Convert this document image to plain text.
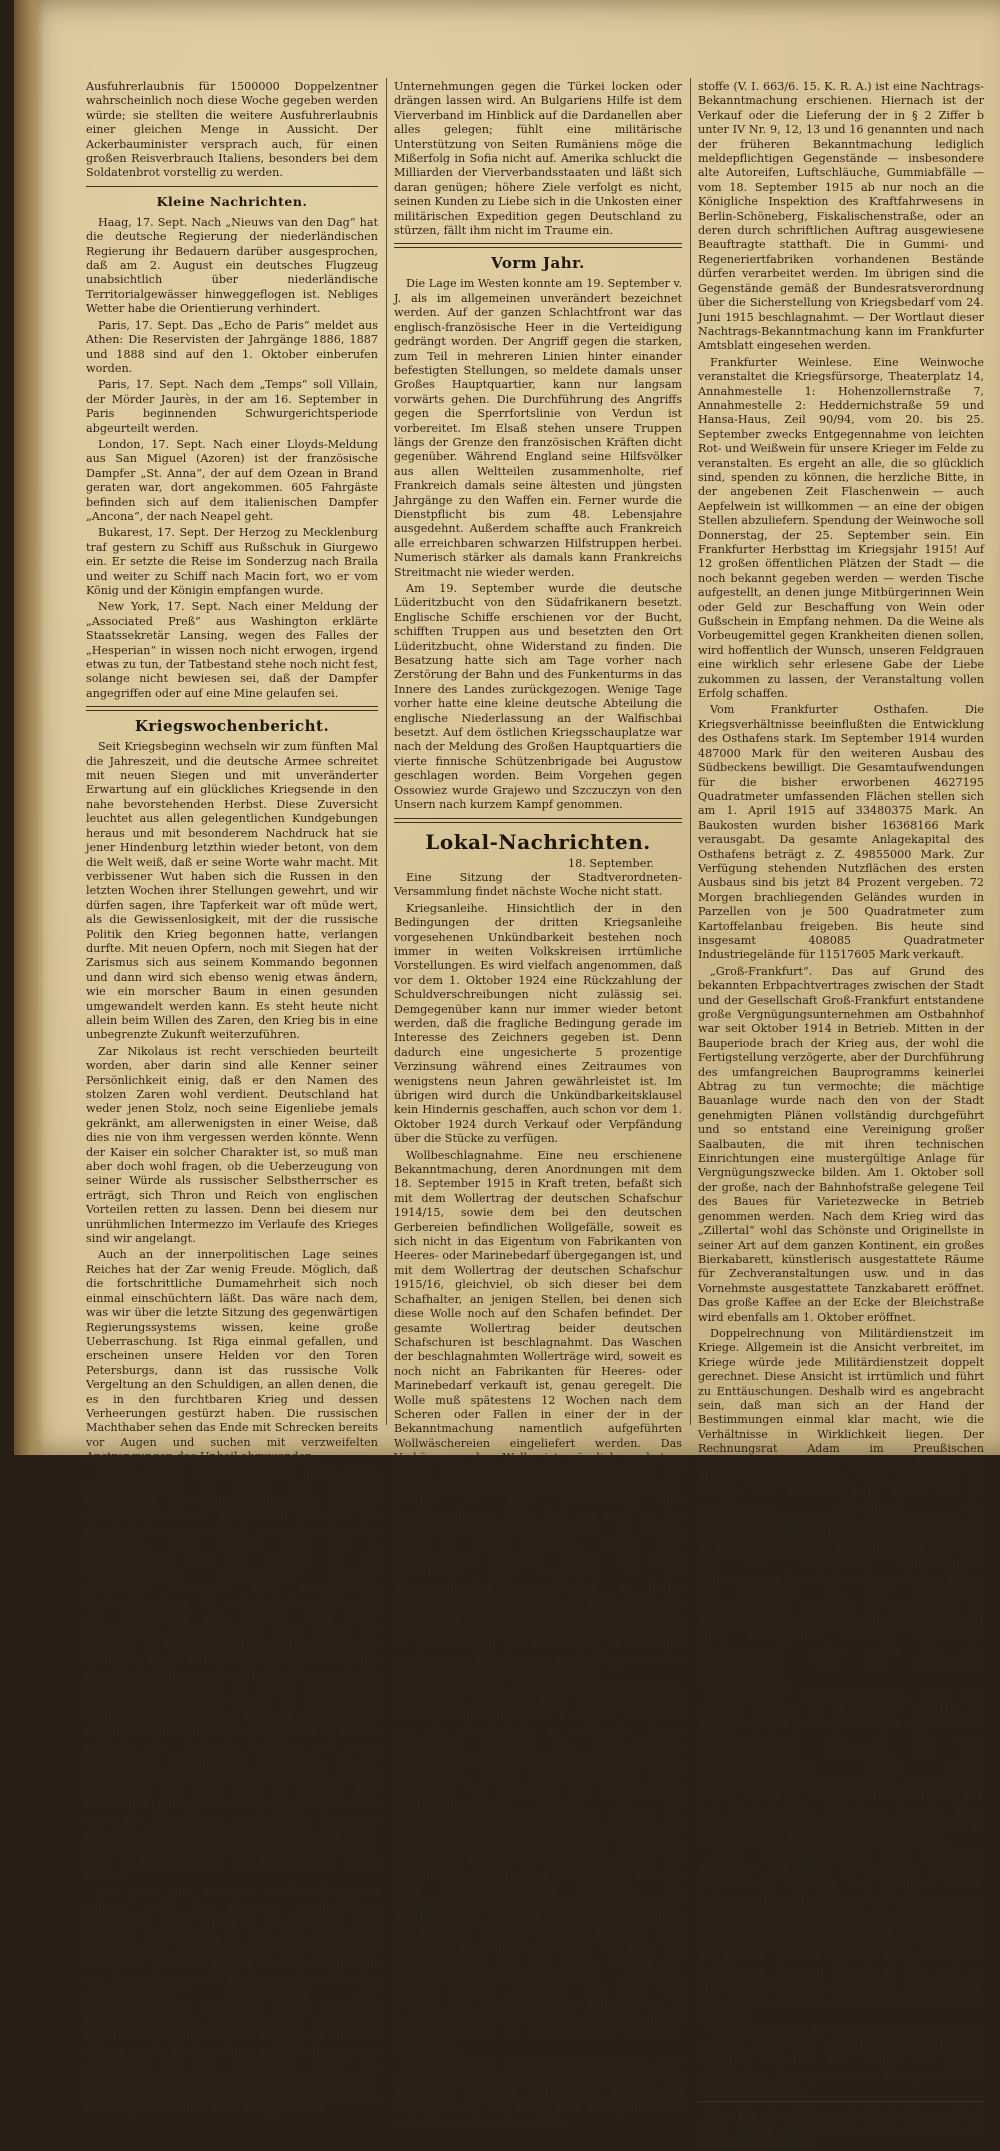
Ausfuhrerlaubnis für 1500000 Doppelzentner wahrscheinlich noch diese Woche gegeben werden würde; sie stellten die weitere Ausfuhrerlaubnis einer gleichen Menge in Aussicht. Der Ackerbauminister versprach auch, für einen großen Reisverbrauch Italiens, besonders bei dem Soldatenbrot vorstellig zu werden.

Kleine Nachrichten.

Haag, 17. Sept. Nach „Nieuws van den Dag“ hat die deutsche Regierung der niederländischen Regierung ihr Bedauern darüber ausgesprochen, daß am 2. August ein deutsches Flugzeug unabsichtlich über niederländische Territorialgewässer hinweggeflogen ist. Nebliges Wetter habe die Orientierung verhindert.

Paris, 17. Sept. Das „Echo de Paris“ meldet aus Athen: Die Reservisten der Jahrgänge 1886, 1887 und 1888 sind auf den 1. Oktober einberufen worden.

Paris, 17. Sept. Nach dem „Temps“ soll Villain, der Mörder Jaurès, in der am 16. September in Paris beginnenden Schwurgerichtsperiode abgeurteilt werden.

London, 17. Sept. Nach einer Lloyds-Meldung aus San Miguel (Azoren) ist der französische Dampfer „St. Anna“, der auf dem Ozean in Brand geraten war, dort angekommen. 605 Fahrgäste befinden sich auf dem italienischen Dampfer „Ancona“, der nach Neapel geht.

Bukarest, 17. Sept. Der Herzog zu Mecklenburg traf gestern zu Schiff aus Rußschuk in Giurgewo ein. Er setzte die Reise im Sonderzug nach Braila und weiter zu Schiff nach Macin fort, wo er vom König und der Königin empfangen wurde.

New York, 17. Sept. Nach einer Meldung der „Associated Preß“ aus Washington erklärte Staatssekretär Lansing, wegen des Falles der „Hesperian“ in wissen noch nicht erwogen, irgend etwas zu tun, der Tatbestand stehe noch nicht fest, solange nicht bewiesen sei, daß der Dampfer angegriffen oder auf eine Mine gelaufen sei.

Kriegswochenbericht.

Seit Kriegsbeginn wechseln wir zum fünften Mal die Jahreszeit, und die deutsche Armee schreitet mit neuen Siegen und mit unveränderter Erwartung auf ein glückliches Kriegsende in den nahe bevorstehenden Herbst. Diese Zuversicht leuchtet aus allen gelegentlichen Kundgebungen heraus und mit besonderem Nachdruck hat sie jener Hindenburg letzthin wieder betont, von dem die Welt weiß, daß er seine Worte wahr macht. Mit verbissener Wut haben sich die Russen in den letzten Wochen ihrer Stellungen gewehrt, und wir dürfen sagen, ihre Tapferkeit war oft müde wert, als die Gewissenlosigkeit, mit der die russische Politik den Krieg begonnen hatte, verlangen durfte. Mit neuen Opfern, noch mit Siegen hat der Zarismus sich aus seinem Kommando begonnen und dann wird sich ebenso wenig etwas ändern, wie ein morscher Baum in einen gesunden umgewandelt werden kann. Es steht heute nicht allein beim Willen des Zaren, den Krieg bis in eine unbegrenzte Zukunft weiterzuführen.

Zar Nikolaus ist recht verschieden beurteilt worden, aber darin sind alle Kenner seiner Persönlichkeit einig, daß er den Namen des stolzen Zaren wohl verdient. Deutschland hat weder jenen Stolz, noch seine Eigenliebe jemals gekränkt, am allerwenigsten in einer Weise, daß dies nie von ihm vergessen werden könnte. Wenn der Kaiser ein solcher Charakter ist, so muß man aber doch wohl fragen, ob die Ueberzeugung von seiner Würde als russischer Selbstherrscher es erträgt, sich Thron und Reich von englischen Vorteilen retten zu lassen. Denn bei diesem nur unrühmlichen Intermezzo im Verlaufe des Krieges sind wir angelangt.

Auch an der innerpolitischen Lage seines Reiches hat der Zar wenig Freude. Möglich, daß die fortschrittliche Dumamehrheit sich noch einmal einschüchtern läßt. Das wäre nach dem, was wir über die letzte Sitzung des gegenwärtigen Regierungssystems wissen, keine große Ueberraschung. Ist Riga einmal gefallen, und erscheinen unsere Helden vor den Toren Petersburgs, dann ist das russische Volk Vergeltung an den Schuldigen, an allen denen, die es in den furchtbaren Krieg und dessen Verheerungen gestürzt haben. Die russischen Machthaber sehen das Ende mit Schrecken bereits vor Augen und suchen mit verzweifelten Anstrengungen das Unheil abzuwenden.

Unsere Feinde im Westen leiden gleich ihrem Bundesgenossen im Osten an heftigem Geldmangel. Die englische Regierung forderte soeben einen neuen Kriegskredit von fünf, die französische einen solchen von mehr als sechs Milliarden. Beide Staaten aber, die in Friedenszeiten sich mit Vorliebe als die unerschöpflichen Geldkammern Europas aufspielten, vermögen trotz drückendster Steuereintreibung die erforderlichen Geldmittel zur Fortsetzung des Krieges nicht mehr aufzubringen und vollführen einen Kotau vor Amerika, um dessen Nabobs zur Hergabe einiger Milliarden gegen hohen Zins zu gewinnen. Infolge der Niederlage an den Dardanellen und des mißglückten Vorgehens im Westen hat England täglich Kriegsausgaben von 60 auf mehr als 80 Millionen Mark erhöht, so daß der Schatzkanzler durchaus recht hatte, wenn er vor dem Parlament erklärte, das Englands Schulden mit einer Schnelligkeit ohnegleichen anwüchsen. In der Geldsorge gesellen sich noch viele andere, die den Engländern die Hölle heiß zu machen. Der nationale Lohnkampf der Bergarbeiter, denen sich sogar die Eisenbahner anzuschließen beginnen, das flaue Werben freiwilliger Soldaten, der Streit um die Einführung der allgemeinen Dienstpflicht usw. In Frankreich ist die innere Lage wenig besser.

Der „alte gute Cadorna“ ist kränklich und scheint nach der jüngsten empfindlichen Niederlage seiner Truppen im südlichen Tirol ernstlich entschlossen zu sein, den Oberbefehl niederzulegen, nachdem dieser Tage erst wieder 25 seiner Generäle wegen Dienstuntauglichkeit zur Disposition gestellt werden mußten. Von der angekündigten Unterstützung der Dardanellenaktion Italiens ist bisher nichts zu bemerken gewesen, auf Frankreichs Boden sind erst recht keine italienischen Truppen erschienen. Italien ist die Enttäuschung in Reinkultur, es ist enttäuscht und hat enttäuscht. Ueber die endgültige Stellungnahme der Balkanstaaten tappt man noch immer im Dunkeln; nur so viel ist gewiß, daß Bulgarien sich in keine kriegerischen

Unternehmungen gegen die Türkei locken oder drängen lassen wird. An Bulgariens Hilfe ist dem Vierverband im Hinblick auf die Dardanellen aber alles gelegen; fühlt eine militärische Unterstützung von Seiten Rumäniens möge die Mißerfolg in Sofia nicht auf. Amerika schluckt die Milliarden der Vierverbandsstaaten und läßt sich daran genügen; höhere Ziele verfolgt es nicht, seinen Kunden zu Liebe sich in die Unkosten einer militärischen Expedition gegen Deutschland zu stürzen, fällt ihm nicht im Traume ein.

Vorm Jahr.

Die Lage im Westen konnte am 19. September v. J. als im allgemeinen unverändert bezeichnet werden. Auf der ganzen Schlachtfront war das englisch-französische Heer in die Verteidigung gedrängt worden. Der Angriff gegen die starken, zum Teil in mehreren Linien hinter einander befestigten Stellungen, so meldete damals unser Großes Hauptquartier, kann nur langsam vorwärts gehen. Die Durchführung des Angriffs gegen die Sperrfortslinie von Verdun ist vorbereitet. Im Elsaß stehen unsere Truppen längs der Grenze den französischen Kräften dicht gegenüber. Während England seine Hilfsvölker aus allen Weltteilen zusammenholte, rief Frankreich damals seine ältesten und jüngsten Jahrgänge zu den Waffen ein. Ferner wurde die Dienstpflicht bis zum 48. Lebensjahre ausgedehnt. Außerdem schaffte auch Frankreich alle erreichbaren schwarzen Hilfstruppen herbei. Numerisch stärker als damals kann Frankreichs Streitmacht nie wieder werden.

Am 19. September wurde die deutsche Lüderitzbucht von den Südafrikanern besetzt. Englische Schiffe erschienen vor der Bucht, schifften Truppen aus und besetzten den Ort Lüderitzbucht, ohne Widerstand zu finden. Die Besatzung hatte sich am Tage vorher nach Zerstörung der Bahn und des Funkenturms in das Innere des Landes zurückgezogen. Wenige Tage vorher hatte eine kleine deutsche Abteilung die englische Niederlassung an der Walfischbai besetzt. Auf dem östlichen Kriegsschauplatze war nach der Meldung des Großen Hauptquartiers die vierte finnische Schützenbrigade bei Augustow geschlagen worden. Beim Vorgehen gegen Ossowiez wurde Grajewo und Szczuczyn von den Unsern nach kurzem Kampf genommen.

Lokal-Nachrichten.
18. September.

Eine Sitzung der Stadtverordneten-Versammlung findet nächste Woche nicht statt.

Kriegsanleihe. Hinsichtlich der in den Bedingungen der dritten Kriegsanleihe vorgesehenen Unkündbarkeit bestehen noch immer in weiten Volkskreisen irrtümliche Vorstellungen. Es wird vielfach angenommen, daß vor dem 1. Oktober 1924 eine Rückzahlung der Schuldverschreibungen nicht zulässig sei. Demgegenüber kann nur immer wieder betont werden, daß die fragliche Bedingung gerade im Interesse des Zeichners gegeben ist. Denn dadurch eine ungesicherte 5 prozentige Verzinsung während eines Zeitraumes von wenigstens neun Jahren gewährleistet ist. Im übrigen wird durch die Unkündbarkeitsklausel kein Hindernis geschaffen, auch schon vor dem 1. Oktober 1924 durch Verkauf oder Verpfändung über die Stücke zu verfügen.

Wollbeschlagnahme. Eine neu erschienene Bekanntmachung, deren Anordnungen mit dem 18. September 1915 in Kraft treten, befaßt sich mit dem Wollertrag der deutschen Schafschur 1914/15, sowie dem bei den deutschen Gerbereien befindlichen Wollgefälle, soweit es sich nicht in das Eigentum von Fabrikanten von Heeres- oder Marinebedarf übergegangen ist, und mit dem Wollertrag der deutschen Schafschur 1915/16, gleichviel, ob sich dieser bei dem Schafhalter, an jenigen Stellen, bei denen sich diese Wolle noch auf den Schafen befindet. Der gesamte Wollertrag beider deutschen Schafschuren ist beschlagnahmt. Das Waschen der beschlagnahmten Wollerträge wird, soweit es noch nicht an Fabrikanten für Heeres- oder Marinebedarf verkauft ist, genau geregelt. Die Wolle muß spätestens 12 Wochen nach dem Scheren oder Fallen in einer der in der Bekanntmachung namentlich aufgeführten Wollwäschereien eingeliefert werden. Das Verkämmen der Wolle ist gänzlich verboten, soweit nicht eine ausdrückliche Verfügung der Kriegs-Rohstoff-Abteilung hierzu Erlaubnis erteilt worden ist. Eine Veräußerung der beschlagnahmten Wolle darf nur noch an die Kriegswollbedarf-Aktiengesellschaft in Berlin, sowie an solche Personen, Firmen oder Gesellschaften erfolgen, welche die Wolle unmittelbar oder mittelbar an die Kriegswollbedarf-Aktiengesellschaft in Berlin verkaufen. Für die Lieferung der Wolle durch den Schafhalter sind ebenfalls bestimmte Vorschriften gegeben. In jedem Falle muß die Wolle spätestens 10 Wochen nach der Einlieferung in einer der zugelassenen Wäschereien in das Eigentum der Kriegswollbedarf-Aktiengesellschaft übergegangen sein; der Wollertrag 1914/15 muß bis zum 31. Dezember 1915 in dem Eigentum dieser Gesellschaft stehen. Ueber die Preise die von der Gesellschaft zu zahlenden Preise entscheidet endgültig die Kriegs-Rohstoff-Abteilung nach Anhörung einer Sachverständigen-Kommission, deren Zusammensetzung unter Zuziehung von Vertretern der verschiedenen Interessentenkreise geregelt ist. Die Kriegswollbedarf-Aktiengesellschaft verteilt die von ihr erworbene Wolle unter Genehmigung der Kriegs-Rohstoff-Abteilung an solche inländische Verarbeiter, welche die Wolle nachweislich zur Ausführung von Aufträgen der deutschen Heeres- oder Marine-Verwaltung brauchen. Die Bekanntmachung enthält noch eine Reihe anderer Bestimmungen, so über Anträge von Schafhaltern auf Freigabe geringer Mengen Rohwolle zum Verbrauch im eigenen Haushalt und über die Mindestmengen, die bei einem Verkauf der Kriegswollbedarf-Aktiengesellschaft angeboten werden müssen. Außerdem wird auch das Scheren der Schafe zu einer früheren als in anderen üblichen Zeit verboten. Der Wortlaut der Bekanntmachung ist im Frankfurter Amtsblatt einzusehen.

Kautschuk usw. Zu der Bekanntmachung über die Bestandserhebung und Beschlagnahme von Kautschuk (Gummi), Guttapercha, Balata und Asbest, sowie von Halb- und Fertigfabrikaten unter Verwendung dieser Roh-

stoffe (V. I. 663/6. 15. K. R. A.) ist eine Nachtrags-Bekanntmachung erschienen. Hiernach ist der Verkauf oder die Lieferung der in § 2 Ziffer b unter IV Nr. 9, 12, 13 und 16 genannten und nach der früheren Bekanntmachung lediglich meldepflichtigen Gegenstände — insbesondere alte Autoreifen, Luftschläuche, Gummiabfälle — vom 18. September 1915 ab nur noch an die Königliche Inspektion des Kraftfahrwesens in Berlin-Schöneberg, Fiskalischenstraße, oder an deren durch schriftlichen Auftrag ausgewiesene Beauftragte statthaft. Die in Gummi- und Regeneriertfabriken vorhandenen Bestände dürfen verarbeitet werden. Im übrigen sind die Gegenstände gemäß der Bundesratsverordnung über die Sicherstellung von Kriegsbedarf vom 24. Juni 1915 beschlagnahmt. — Der Wortlaut dieser Nachtrags-Bekanntmachung kann im Frankfurter Amtsblatt eingesehen werden.

Frankfurter Weinlese. Eine Weinwoche veranstaltet die Kriegsfürsorge, Theaterplatz 14, Annahmestelle 1: Hohenzollernstraße 7, Annahmestelle 2: Heddernichstraße 59 und Hansa-Haus, Zeil 90/94, vom 20. bis 25. September zwecks Entgegennahme von leichten Rot- und Weißwein für unsere Krieger im Felde zu veranstalten. Es ergeht an alle, die so glücklich sind, spenden zu können, die herzliche Bitte, in der angebenen Zeit Flaschenwein — auch Aepfelwein ist willkommen — an eine der obigen Stellen abzuliefern. Spendung der Weinwoche soll Donnerstag, der 25. September sein. Ein Frankfurter Herbsttag im Kriegsjahr 1915! Auf 12 großen öffentlichen Plätzen der Stadt — die noch bekannt gegeben werden — werden Tische aufgestellt, an denen junge Mitbürgerinnen Wein oder Geld zur Beschaffung von Wein oder Gußschein in Empfang nehmen. Da die Weine als Vorbeugemittel gegen Krankheiten dienen sollen, wird hoffentlich der Wunsch, unseren Feldgrauen eine wirklich sehr erlesene Gabe der Liebe zukommen zu lassen, der Veranstaltung vollen Erfolg schaffen.

Vom Frankfurter Osthafen. Die Kriegsverhältnisse beeinflußten die Entwicklung des Osthafens stark. Im September 1914 wurden 487000 Mark für den weiteren Ausbau des Südbeckens bewilligt. Die Gesamtaufwendungen für die bisher erworbenen 4627195 Quadratmeter umfassenden Flächen stellen sich am 1. April 1915 auf 33480375 Mark. An Baukosten wurden bisher 16368166 Mark verausgabt. Da gesamte Anlagekapital des Osthafens beträgt z. Z. 49855000 Mark. Zur Verfügung stehenden Nutzflächen des ersten Ausbaus sind bis jetzt 84 Prozent vergeben. 72 Morgen brachliegenden Geländes wurden in Parzellen von je 500 Quadratmeter zum Kartoffelanbau freigeben. Bis heute sind insgesamt 408085 Quadratmeter Industriegelände für 11517605 Mark verkauft.

„Groß-Frankfurt“. Das auf Grund des bekannten Erbpachtvertrages zwischen der Stadt und der Gesellschaft Groß-Frankfurt entstandene große Vergnügungsunternehmen am Ostbahnhof war seit Oktober 1914 in Betrieb. Mitten in der Bauperiode brach der Krieg aus, der wohl die Fertigstellung verzögerte, aber der Durchführung des umfangreichen Bauprogramms keinerlei Abtrag zu tun vermochte; die mächtige Bauanlage wurde nach den von der Stadt genehmigten Plänen vollständig durchgeführt und so entstand eine Vereinigung großer Saalbauten, die mit ihren technischen Einrichtungen eine mustergültige Anlage für Vergnügungszwecke bilden. Am 1. Oktober soll der große, nach der Bahnhofstraße gelegene Teil des Baues für Varietezwecke in Betrieb genommen werden. Nach dem Krieg wird das „Zillertal“ wohl das Schönste und Originellste in seiner Art auf dem ganzen Kontinent, ein großes Bierkabarett, künstlerisch ausgestattete Räume für Zechveranstaltungen usw. und in das Vornehmste ausgestattete Tanzkabarett eröffnet. Das große Kaffee an der Ecke der Bleichstraße wird ebenfalls am 1. Oktober eröffnet.

Doppelrechnung von Militärdienstzeit im Kriege. Allgemein ist die Ansicht verbreitet, im Kriege würde jede Militärdienstzeit doppelt gerechnet. Diese Ansicht ist irrtümlich und führt zu Enttäuschungen. Deshalb wird es angebracht sein, daß man sich an der Hand der Bestimmungen einmal klar macht, wie die Verhältnisse in Wirklichkeit liegen. Der Rechnungsrat Adam im Preußischen Kriegsministerium, einer der besten Kenner des Militärversorgungswesens, sagt in seinem, im Verlage der Kameradschaft, Berlin W. 35 erschienenen „Handbuch der Militärversorgungsgesetze“: Für jeden Krieg, an welchem ein Offizier, Unteroffizier oder Gemeiner im Reichsheere, in der Kaiserlichen Marine oder bei den Kaiserlichen Schutztruppen teilgenommen hat, wird zu der wirklichen Dauer der Dienstzeit ein Jahr (Kriegsjahr) hinzugerechnet; jedoch ist für mehrere in ein Kalenderjahr fallende Kriege die Anrechnung nur eines Kriegsjahres zulässig. Gleichartige Bestimmungen gelten auch für die Reichsbeamten und die preußischen Staatsbeamten.

Nassauischer Raiffeisenverband. Trotz des Krieges wurden im Kriegsjahr 1914/15 im Regierungsbezirk Wiesbaden vom Nassauischen Raiffeisenverband die als 50 neue Genossenschaften gegründet. Um den Verwaltungsorganen dieser neuen Genossenschaften eine gründliche Ausbildung zu geben, finden im November für die Kreise Dill und Biedenkopf in Dillenburg, für den Kreis Wetzlar in Wetzlar und für alle übrigen Kreise in Frankfurt a. M. besondere Lehrgänge statt.

Albert Schumann-Theater. Das Operetten-Ensemble „Auf Befehl der Kaiserin“ kann nur noch wenige Tage auf dem Spielplan des A. Schumann-Theaters bleiben, da bereits eine neue Operette in Vorbereitung ist. Am Sonntag finden wiederum zwei Vorstellungen zu den bekannten billigen Preisen statt; Nachmittags 4 Uhr kommt bei kleinen Preisen „Unsere Feldgrauen“ zur Aufführung, Sonntag Abends 8 Uhr wird zu ermäßigten Preisen: „Auf Befehl der Kaiserin“ zum letzten Male als Sonntagsabendvorstellung gegeben.

Tödlicher Unfall. In der Maschinenfabrik Fries & Sohn wurde der 16jährige Schlosserlehrling Friedrich Scherrer aus Bieber von einem elektrischen Kran gegen eine Rampe gedrückt und totgequetscht.

Der Tagesbericht war bei Redaktionsschluß noch nicht eingetroffen und erscheint in nächster Nummer.
